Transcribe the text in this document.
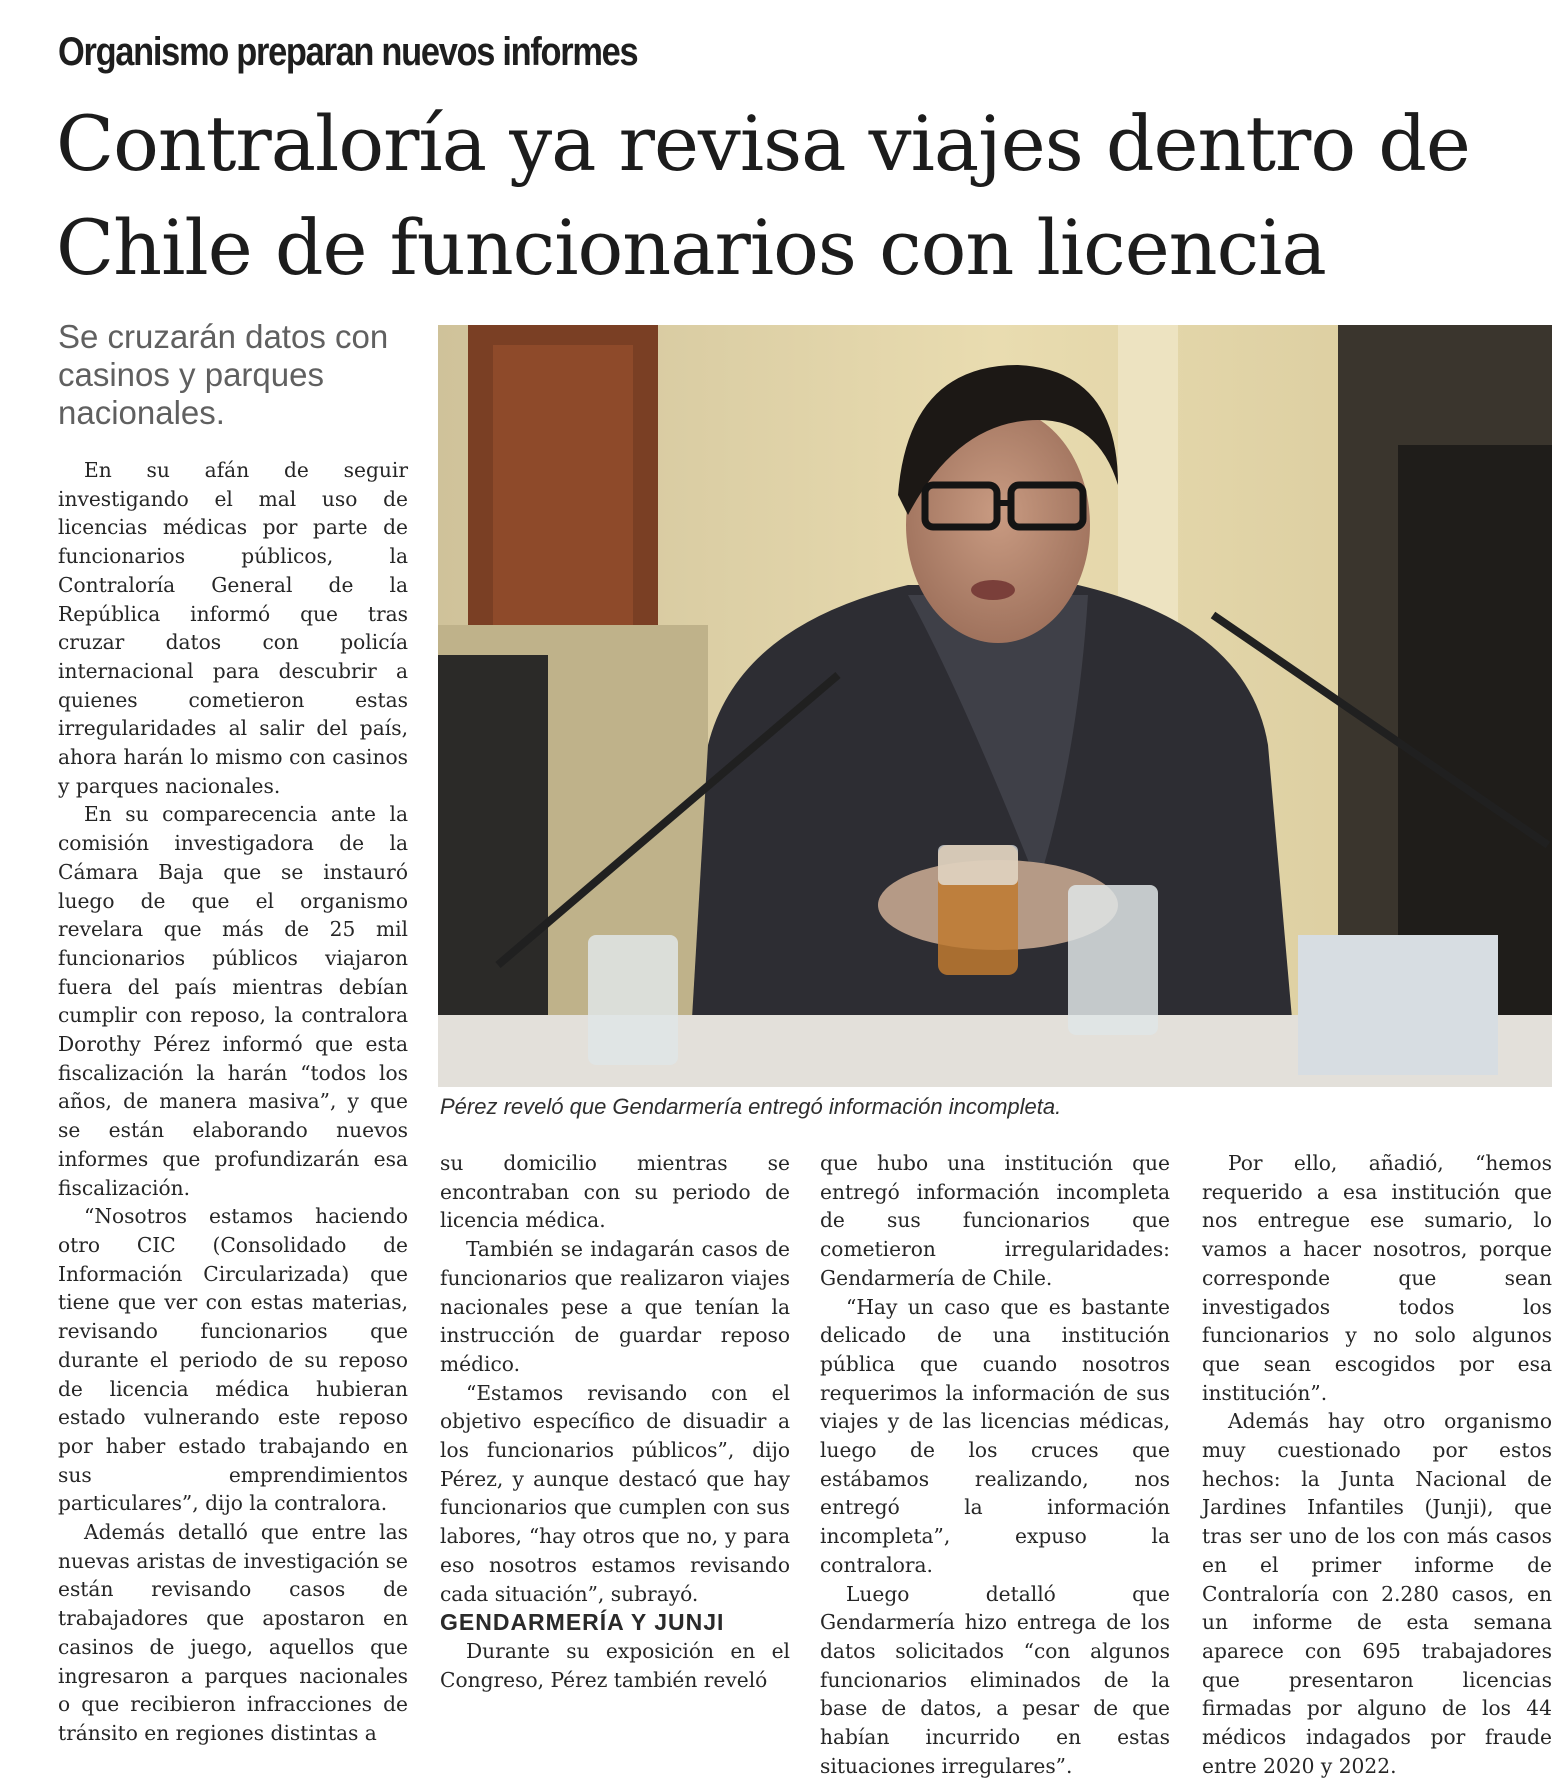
Organismo preparan nuevos informes
Contraloría ya revisa viajes dentro de
Chile de funcionarios con licencia
Se cruzarán datos con casinos y parques nacionales.

En su afán de seguir investigando el mal uso de licencias médicas por parte de funcionarios públicos, la Contraloría General de la República informó que tras cruzar datos con policía internacional para descubrir a quienes cometieron estas irregularidades al salir del país, ahora harán lo mismo con casinos y parques nacionales.

En su comparecencia ante la comisión investigadora de la Cámara Baja que se instauró luego de que el organismo revelara que más de 25 mil funcionarios públicos viajaron fuera del país mientras debían cumplir con reposo, la contralora Dorothy Pérez informó que esta fiscalización la harán “todos los años, de manera masiva”, y que se están elaborando nuevos informes que profundizarán esa fiscalización.

“Nosotros estamos haciendo otro CIC (Consolidado de Información Circularizada) que tiene que ver con estas materias, revisando funcionarios que durante el periodo de su reposo de licencia médica hubieran estado vulnerando este reposo por haber estado trabajando en sus emprendimientos particulares”, dijo la contralora.

Además detalló que entre las nuevas aristas de investigación se están revisando casos de trabajadores que apostaron en casinos de juego, aquellos que ingresaron a parques nacionales o que recibieron infracciones de tránsito en regiones distintas a

Pérez reveló que Gendarmería entregó información incompleta.

su domicilio mientras se encontraban con su periodo de licencia médica.

También se indagarán casos de funcionarios que realizaron viajes nacionales pese a que tenían la instrucción de guardar reposo médico.

“Estamos revisando con el objetivo específico de disuadir a los funcionarios públicos”, dijo Pérez, y aunque destacó que hay funcionarios que cumplen con sus labores, “hay otros que no, y para eso nosotros estamos revisando cada situación”, subrayó.

GENDARMERÍA Y JUNJI

Durante su exposición en el Congreso, Pérez también reveló

que hubo una institución que entregó información incompleta de sus funcionarios que cometieron irregularidades: Gendarmería de Chile.

“Hay un caso que es bastante delicado de una institución pública que cuando nosotros requerimos la información de sus viajes y de las licencias médicas, luego de los cruces que estábamos realizando, nos entregó la información incompleta”, expuso la contralora.

Luego detalló que Gendarmería hizo entrega de los datos solicitados “con algunos funcionarios eliminados de la base de datos, a pesar de que habían incurrido en estas situaciones irregulares”.

Por ello, añadió, “hemos requerido a esa institución que nos entregue ese sumario, lo vamos a hacer nosotros, porque corresponde que sean investigados todos los funcionarios y no solo algunos que sean escogidos por esa institución”.

Además hay otro organismo muy cuestionado por estos hechos: la Junta Nacional de Jardines Infantiles (Junji), que tras ser uno de los con más casos en el primer informe de Contraloría con 2.280 casos, en un informe de esta semana aparece con 695 trabajadores que presentaron licencias firmadas por alguno de los 44 médicos indagados por fraude entre 2020 y 2022.
